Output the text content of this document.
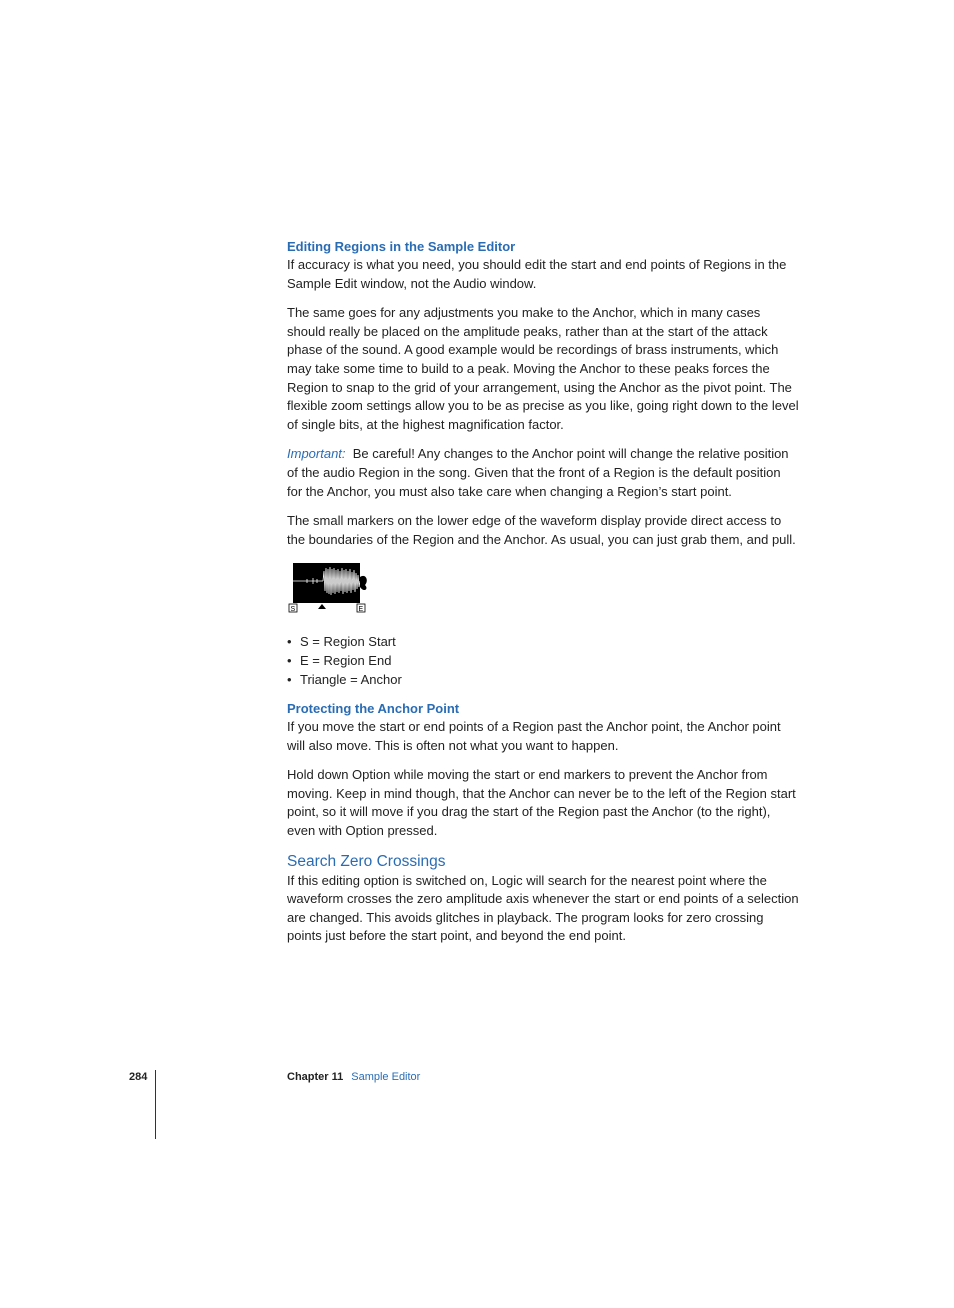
Editing Regions in the Sample Editor

If accuracy is what you need, you should edit the start and end points of Regions in the Sample Edit window, not the Audio window.

The same goes for any adjustments you make to the Anchor, which in many cases should really be placed on the amplitude peaks, rather than at the start of the attack phase of the sound. A good example would be recordings of brass instruments, which may take some time to build to a peak. Moving the Anchor to these peaks forces the Region to snap to the grid of your arrangement, using the Anchor as the pivot point. The flexible zoom settings allow you to be as precise as you like, going right down to the level of single bits, at the highest magnification factor.

Important: Be careful! Any changes to the Anchor point will change the relative position of the audio Region in the song. Given that the front of a Region is the default position for the Anchor, you must also take care when changing a Region’s start point.

The small markers on the lower edge of the waveform display provide direct access to the boundaries of the Region and the Anchor. As usual, you can just grab them, and pull.

S	E
• S = Region Start
• E = Region End
• Triangle = Anchor
Protecting the Anchor Point

If you move the start or end points of a Region past the Anchor point, the Anchor point will also move. This is often not what you want to happen.

Hold down Option while moving the start or end markers to prevent the Anchor from moving. Keep in mind though, that the Anchor can never be to the left of the Region start point, so it will move if you drag the start of the Region past the Anchor (to the right), even with Option pressed.

Search Zero Crossings

If this editing option is switched on, Logic will search for the nearest point where the waveform crosses the zero amplitude axis whenever the start or end points of a selection are changed. This avoids glitches in playback. The program looks for zero crossing points just before the start point, and beyond the end point.

284	Chapter 11 Sample Editor
